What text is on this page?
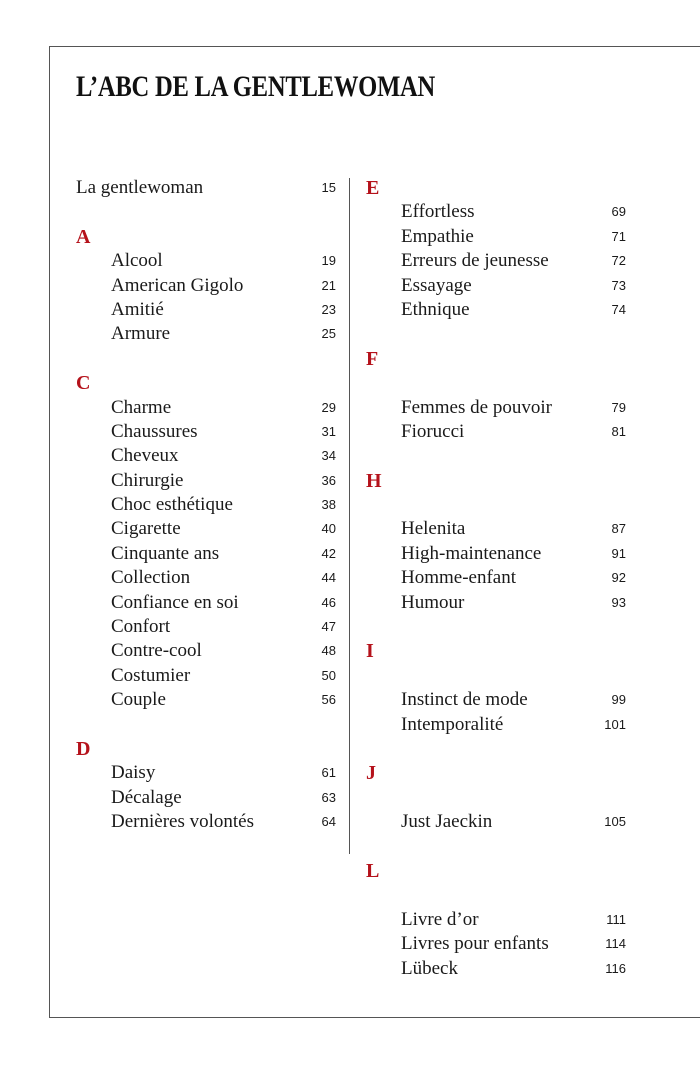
L’ABC DE LA GENTLEWOMAN
La gentlewoman	15
A
Alcool	19
American Gigolo	21
Amitié	23
Armure	25
C
Charme	29
Chaussures	31
Cheveux	34
Chirurgie	36
Choc esthétique	38
Cigarette	40
Cinquante ans	42
Collection	44
Confiance en soi	46
Confort	47
Contre-cool	48
Costumier	50
Couple	56
D
Daisy	61
Décalage	63
Dernières volontés	64
E
Effortless	69
Empathie	71
Erreurs de jeunesse	72
Essayage	73
Ethnique	74
F
Femmes de pouvoir	79
Fiorucci	81
H
Helenita	87
High-maintenance	91
Homme-enfant	92
Humour	93
I
Instinct de mode	99
Intemporalité	101
J
Just Jaeckin	105
L
Livre d’or	111
Livres pour enfants	114
Lübeck	116
